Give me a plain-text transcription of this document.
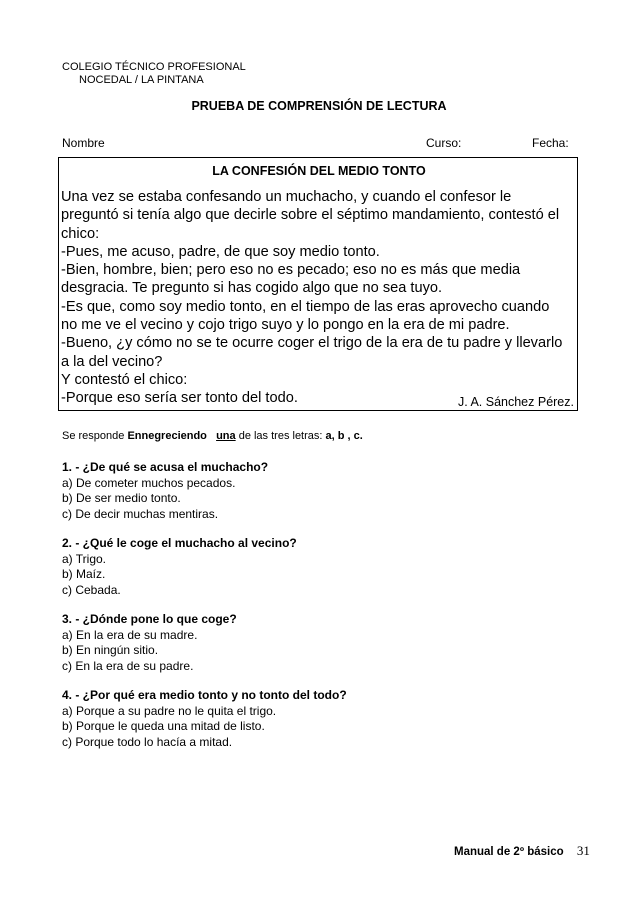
COLEGIO TÉCNICO PROFESIONAL
NOCEDAL / LA PINTANA
PRUEBA DE COMPRENSIÓN DE LECTURA
Nombre	Curso:	Fecha:
LA CONFESIÓN DEL MEDIO TONTO

Una vez se estaba confesando un muchacho, y cuando el confesor le

preguntó si tenía algo que decirle sobre el séptimo mandamiento, contestó el

chico:

-Pues, me acuso, padre, de que soy medio tonto.

-Bien, hombre, bien; pero eso no es pecado; eso no es más que media

desgracia. Te pregunto si has cogido algo que no sea tuyo.

-Es que, como soy medio tonto, en el tiempo de las eras aprovecho cuando

no me ve el vecino y cojo trigo suyo y lo pongo en la era de mi padre.

-Bueno, ¿y cómo no se te ocurre coger el trigo de la era de tu padre y llevarlo

a la del vecino?

Y contestó el chico:

-Porque eso sería ser tonto del todo.	J. A. Sánchez Pérez.
Se responde Ennegreciendo una de las tres letras: a, b , c.
1. - ¿De qué se acusa el muchacho?
a) De cometer muchos pecados.
b) De ser medio tonto.
c) De decir muchas mentiras.
2. - ¿Qué le coge el muchacho al vecino?
a) Trigo.
b) Maíz.
c) Cebada.
3. - ¿Dónde pone lo que coge?
a) En la era de su madre.
b) En ningún sitio.
c) En la era de su padre.
4. - ¿Por qué era medio tonto y no tonto del todo?
a) Porque a su padre no le quita el trigo.
b) Porque le queda una mitad de listo.
c) Porque todo lo hacía a mitad.
Manual de 2º básico 31
